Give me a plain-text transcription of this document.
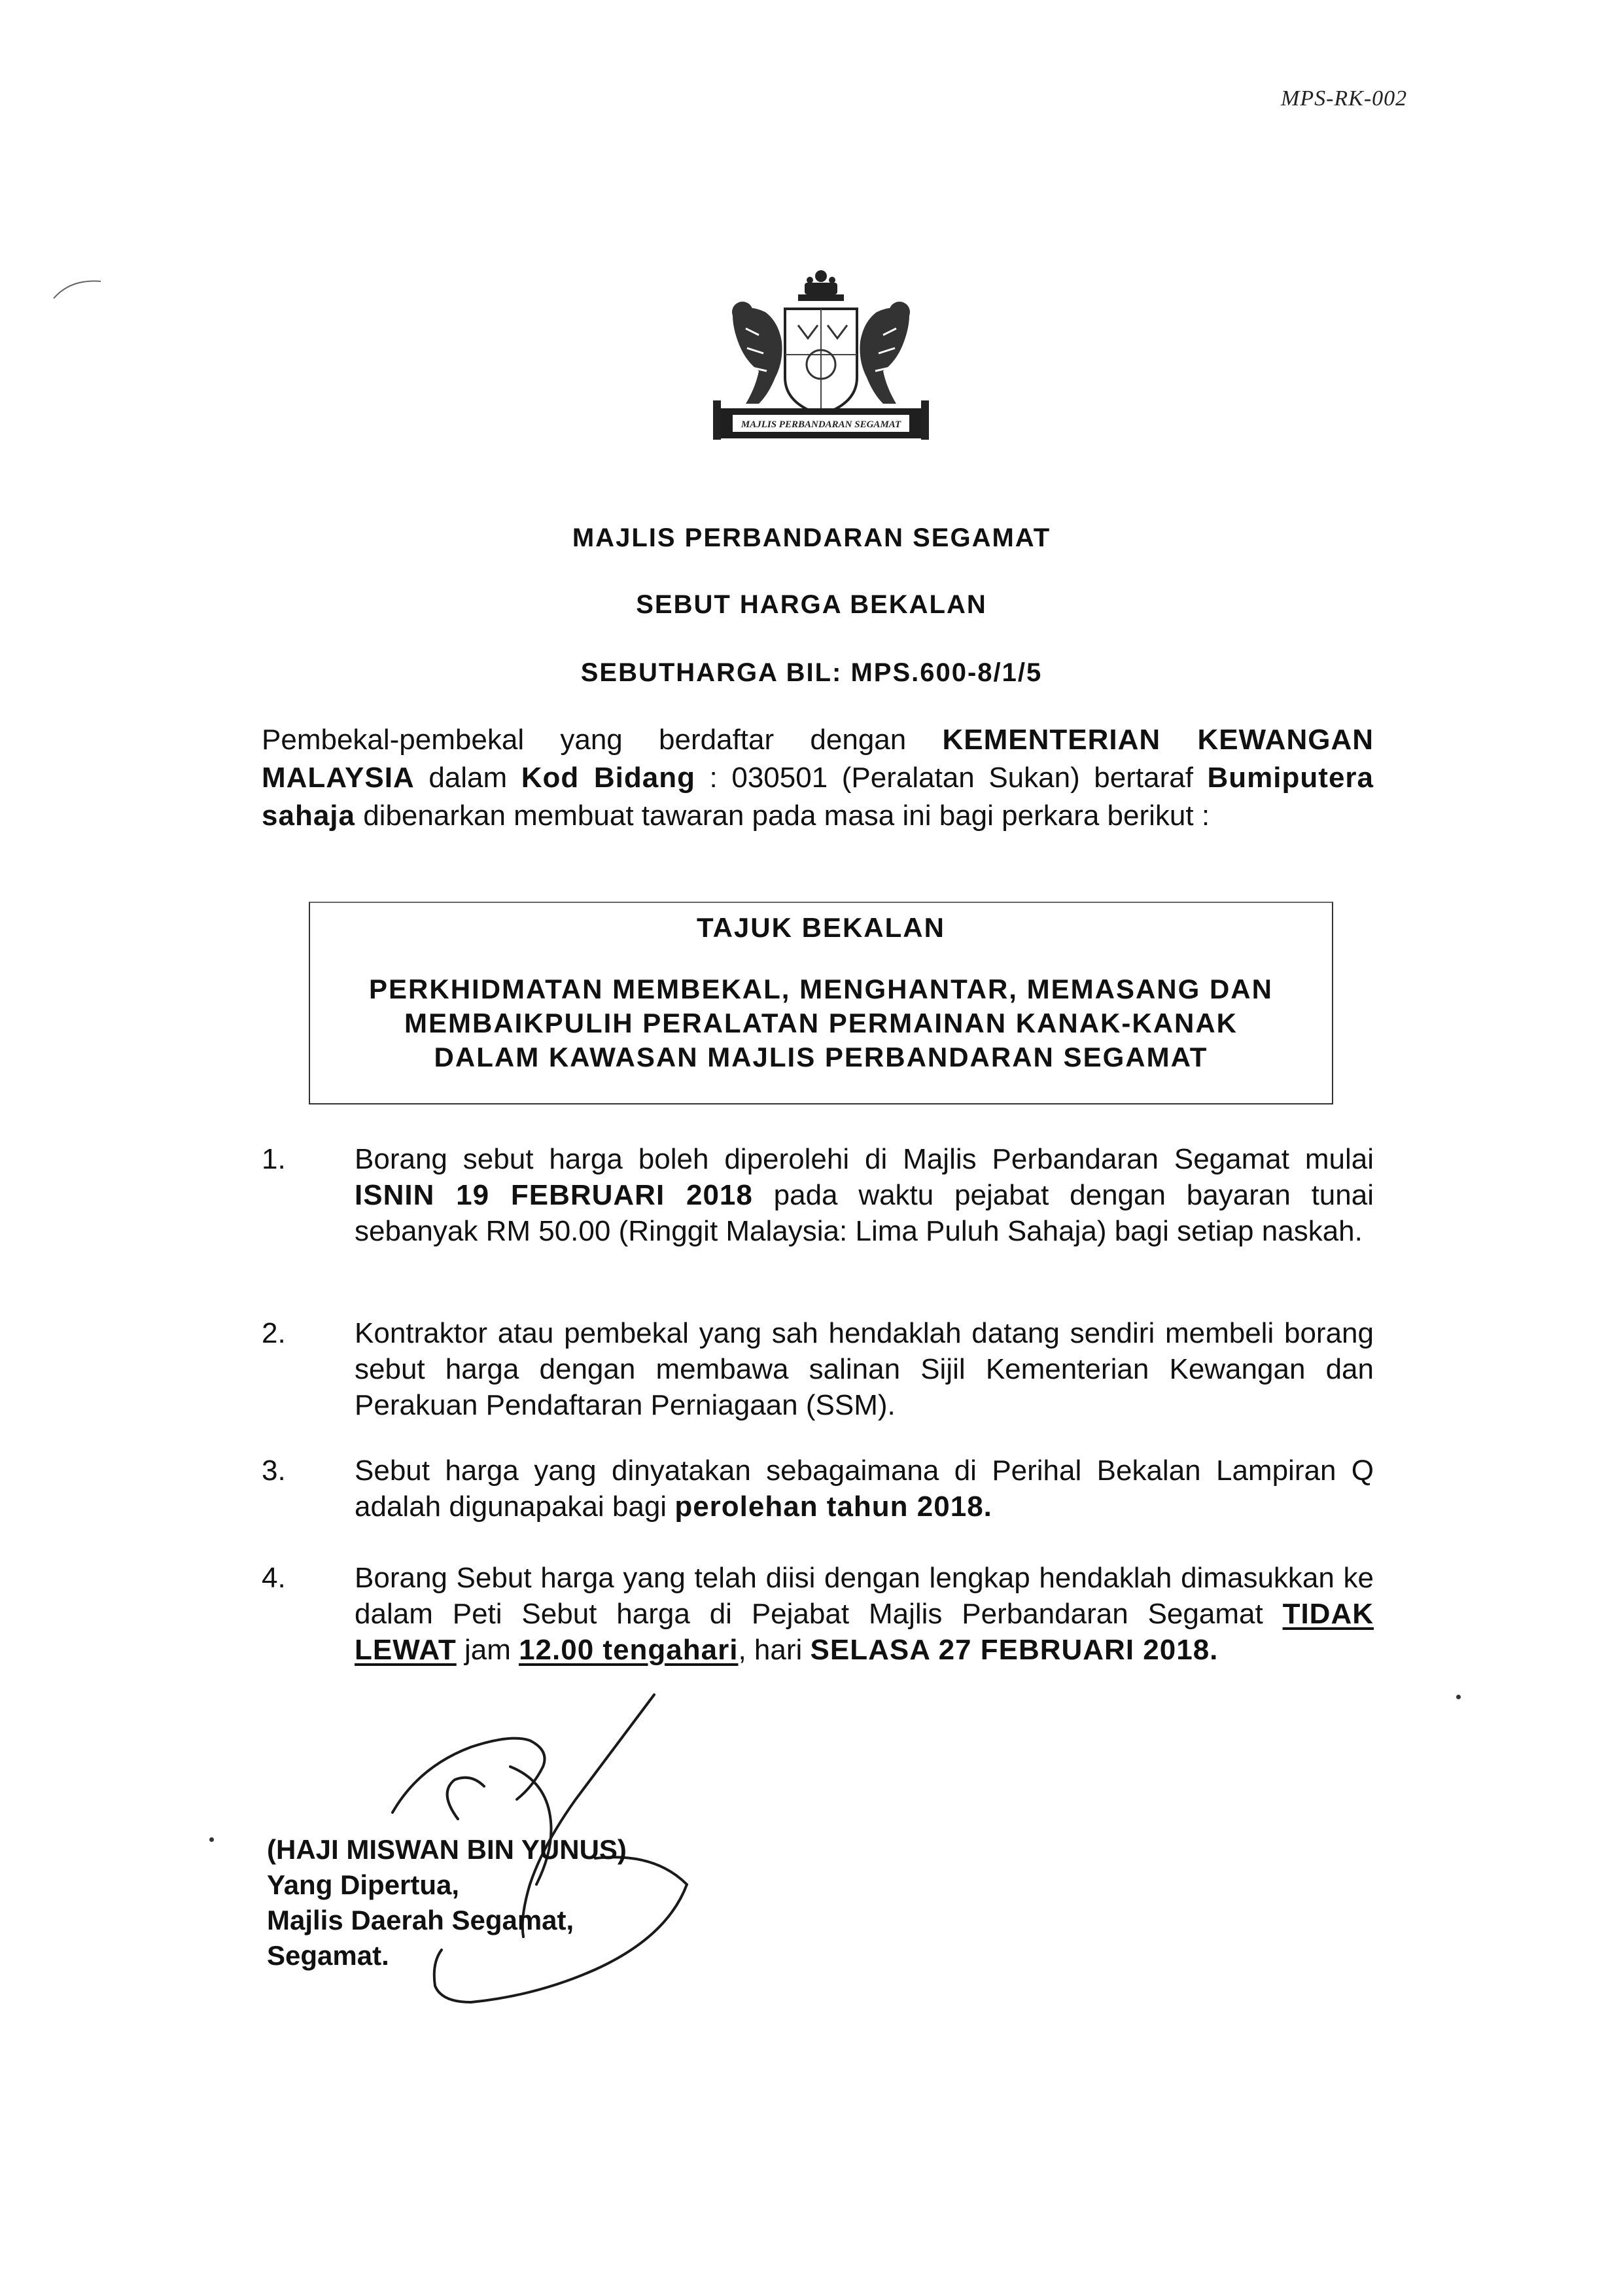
MPS-RK-002
MAJLIS PERBANDARAN SEGAMAT
MAJLIS PERBANDARAN SEGAMAT
SEBUT HARGA BEKALAN
SEBUTHARGA BIL: MPS.600-8/1/5
Pembekal-pembekal yang berdaftar dengan KEMENTERIAN KEWANGAN MALAYSIA dalam Kod Bidang : 030501 (Peralatan Sukan) bertaraf Bumiputera sahaja dibenarkan membuat tawaran pada masa ini bagi perkara berikut :
TAJUK BEKALAN
PERKHIDMATAN MEMBEKAL, MENGHANTAR, MEMASANG DAN
MEMBAIKPULIH PERALATAN PERMAINAN KANAK-KANAK
DALAM KAWASAN MAJLIS PERBANDARAN SEGAMAT
1.	Borang sebut harga boleh diperolehi di Majlis Perbandaran Segamat mulai ISNIN 19 FEBRUARI 2018 pada waktu pejabat dengan bayaran tunai sebanyak RM 50.00 (Ringgit Malaysia: Lima Puluh Sahaja) bagi setiap naskah.
2.	Kontraktor atau pembekal yang sah hendaklah datang sendiri membeli borang sebut harga dengan membawa salinan Sijil Kementerian Kewangan dan Perakuan Pendaftaran Perniagaan (SSM).
3.	Sebut harga yang dinyatakan sebagaimana di Perihal Bekalan Lampiran Q adalah digunapakai bagi perolehan tahun 2018.
4.	Borang Sebut harga yang telah diisi dengan lengkap hendaklah dimasukkan ke dalam Peti Sebut harga di Pejabat Majlis Perbandaran Segamat TIDAK LEWAT jam 12.00 tengahari, hari SELASA 27 FEBRUARI 2018.
(HAJI MISWAN BIN YUNUS)
Yang Dipertua,
Majlis Daerah Segamat,
Segamat.
